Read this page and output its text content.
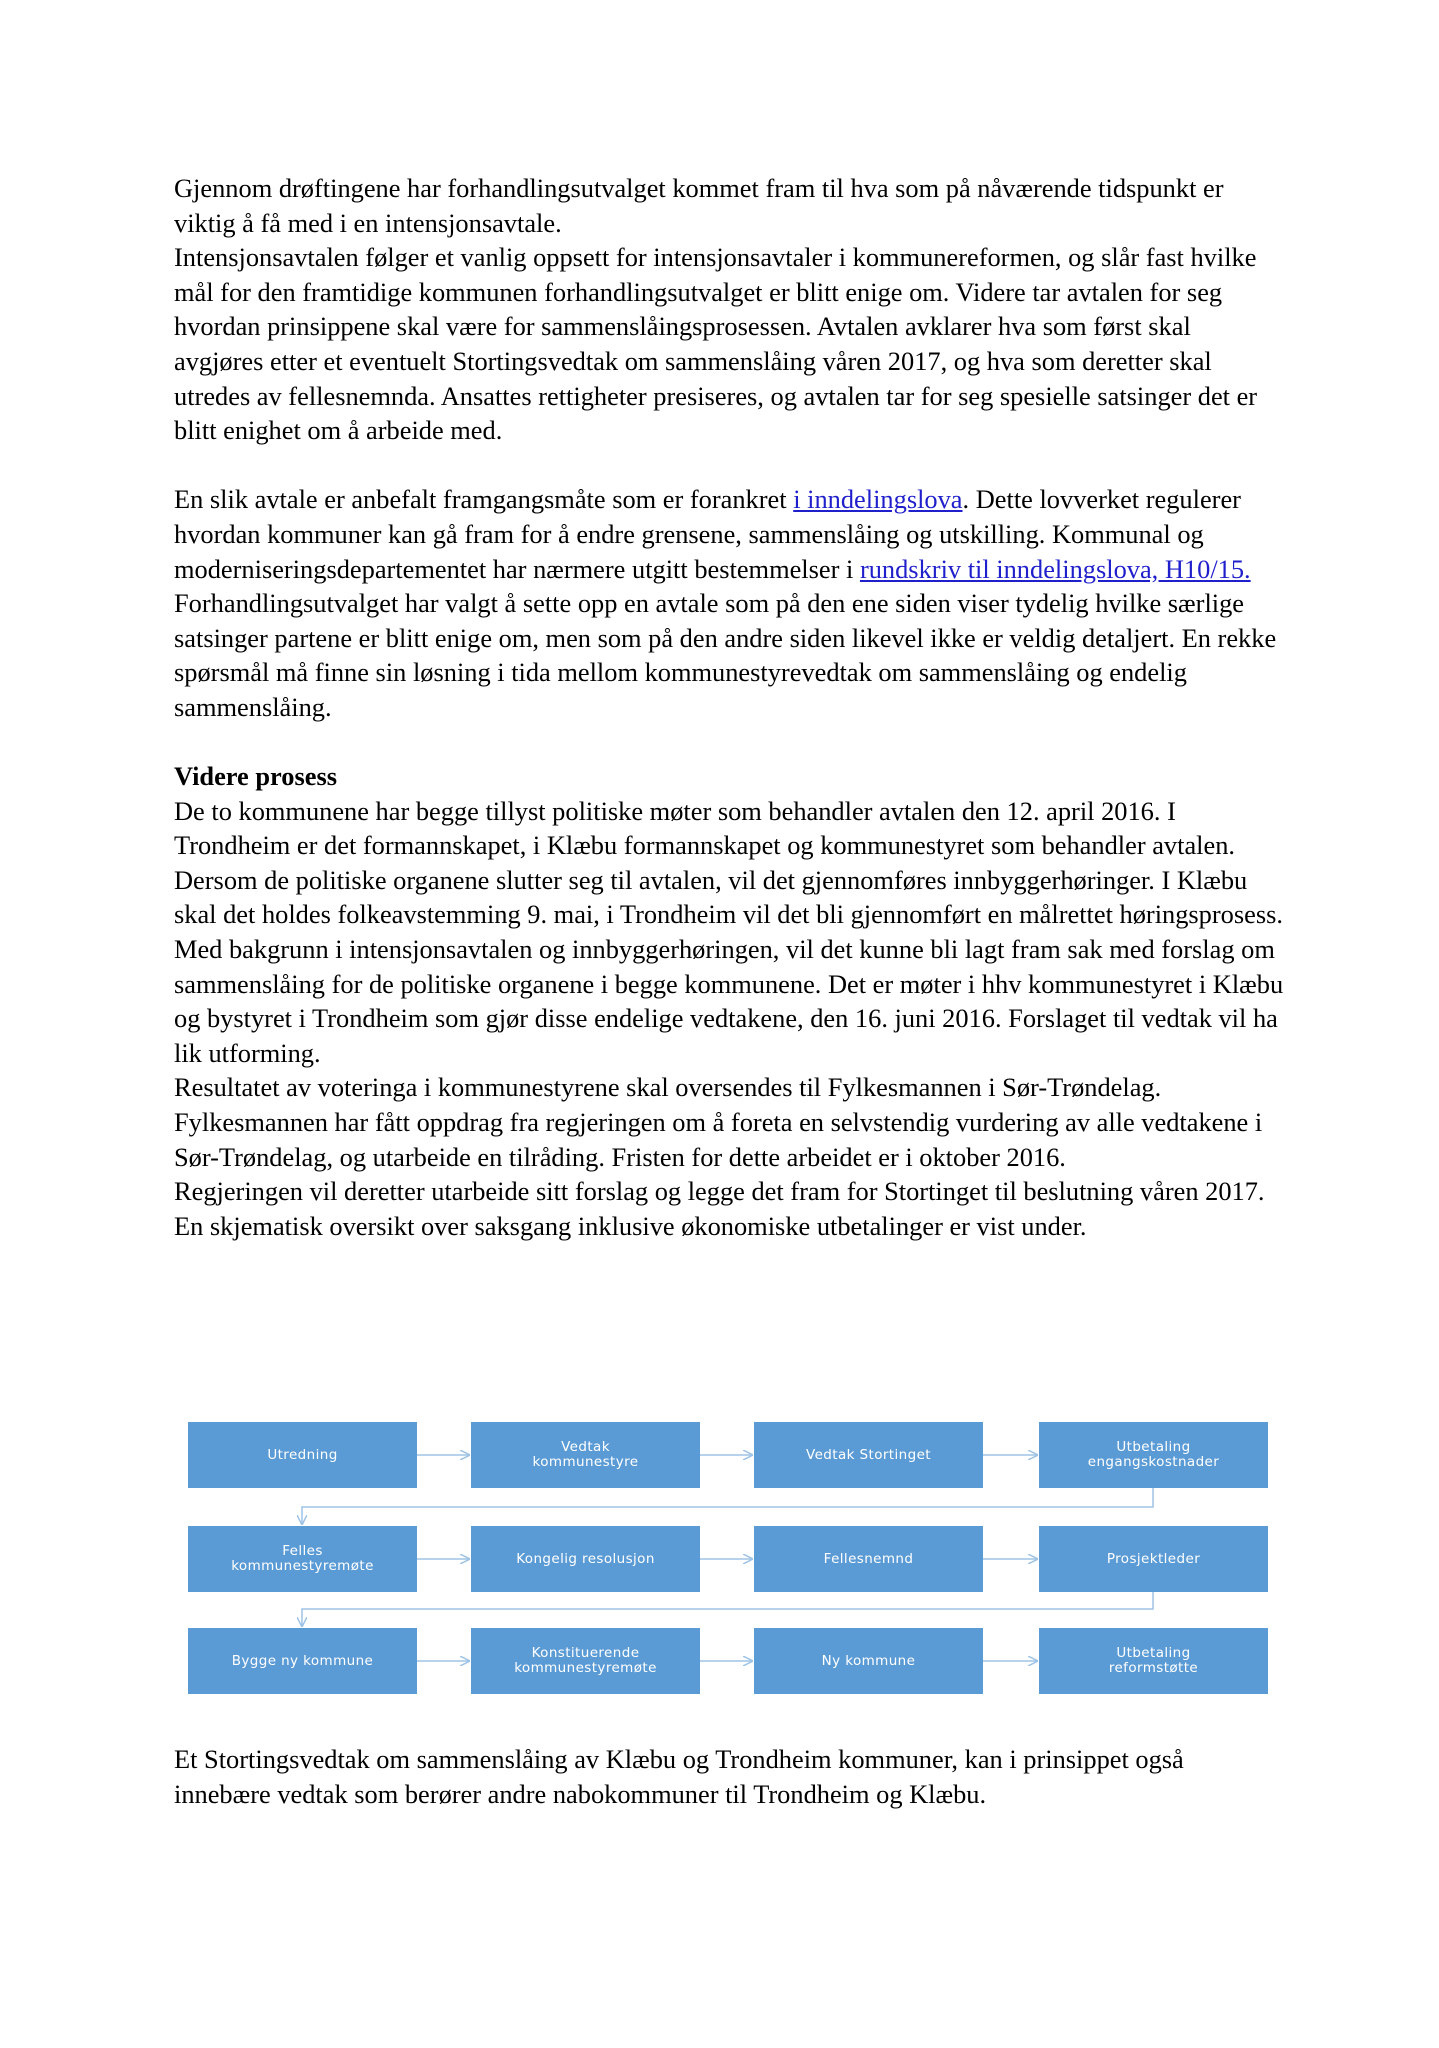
Gjennom drøftingene har forhandlingsutvalget kommet fram til hva som på nåværende tidspunkt er viktig å få med i en intensjonsavtale.

Intensjonsavtalen følger et vanlig oppsett for intensjonsavtaler i kommunereformen, og slår fast hvilke mål for den framtidige kommunen forhandlingsutvalget er blitt enige om. Videre tar avtalen for seg hvordan prinsippene skal være for sammenslåingsprosessen. Avtalen avklarer hva som først skal avgjøres etter et eventuelt Stortingsvedtak om sammenslåing våren 2017, og hva som deretter skal utredes av fellesnemnda. Ansattes rettigheter presiseres, og avtalen tar for seg spesielle satsinger det er blitt enighet om å arbeide med.

En slik avtale er anbefalt framgangsmåte som er forankret i inndelingslova. Dette lovverket regulerer hvordan kommuner kan gå fram for å endre grensene, sammenslåing og utskilling. Kommunal og moderniseringsdepartementet har nærmere utgitt bestemmelser i rundskriv til inndelingslova, H10/15.

Forhandlingsutvalget har valgt å sette opp en avtale som på den ene siden viser tydelig hvilke særlige satsinger partene er blitt enige om, men som på den andre siden likevel ikke er veldig detaljert. En rekke spørsmål må finne sin løsning i tida mellom kommunestyrevedtak om sammenslåing og endelig sammenslåing.

Videre prosess

De to kommunene har begge tillyst politiske møter som behandler avtalen den 12. april 2016. I Trondheim er det formannskapet, i Klæbu formannskapet og kommunestyret som behandler avtalen.

Dersom de politiske organene slutter seg til avtalen, vil det gjennomføres innbyggerhøringer. I Klæbu skal det holdes folkeavstemming 9. mai, i Trondheim vil det bli gjennomført en målrettet høringsprosess.

Med bakgrunn i intensjonsavtalen og innbyggerhøringen, vil det kunne bli lagt fram sak med forslag om sammenslåing for de politiske organene i begge kommunene. Det er møter i hhv kommunestyret i Klæbu og bystyret i Trondheim som gjør disse endelige vedtakene, den 16. juni 2016. Forslaget til vedtak vil ha lik utforming.

Resultatet av voteringa i kommunestyrene skal oversendes til Fylkesmannen i Sør-Trøndelag. Fylkesmannen har fått oppdrag fra regjeringen om å foreta en selvstendig vurdering av alle vedtakene i Sør-Trøndelag, og utarbeide en tilråding. Fristen for dette arbeidet er i oktober 2016.

Regjeringen vil deretter utarbeide sitt forslag og legge det fram for Stortinget til beslutning våren 2017. En skjematisk oversikt over saksgang inklusive økonomiske utbetalinger er vist under.

Utredning	Vedtak
kommunestyre	Vedtak Stortinget	Utbetaling
engangskostnader
Felles
kommunestyremøte	Kongelig resolusjon	Fellesnemnd	Prosjektleder
Bygge ny kommune	Konstituerende
kommunestyremøte	Ny kommune	Utbetaling
reformstøtte

Et Stortingsvedtak om sammenslåing av Klæbu og Trondheim kommuner, kan i prinsippet også innebære vedtak som berører andre nabokommuner til Trondheim og Klæbu.
